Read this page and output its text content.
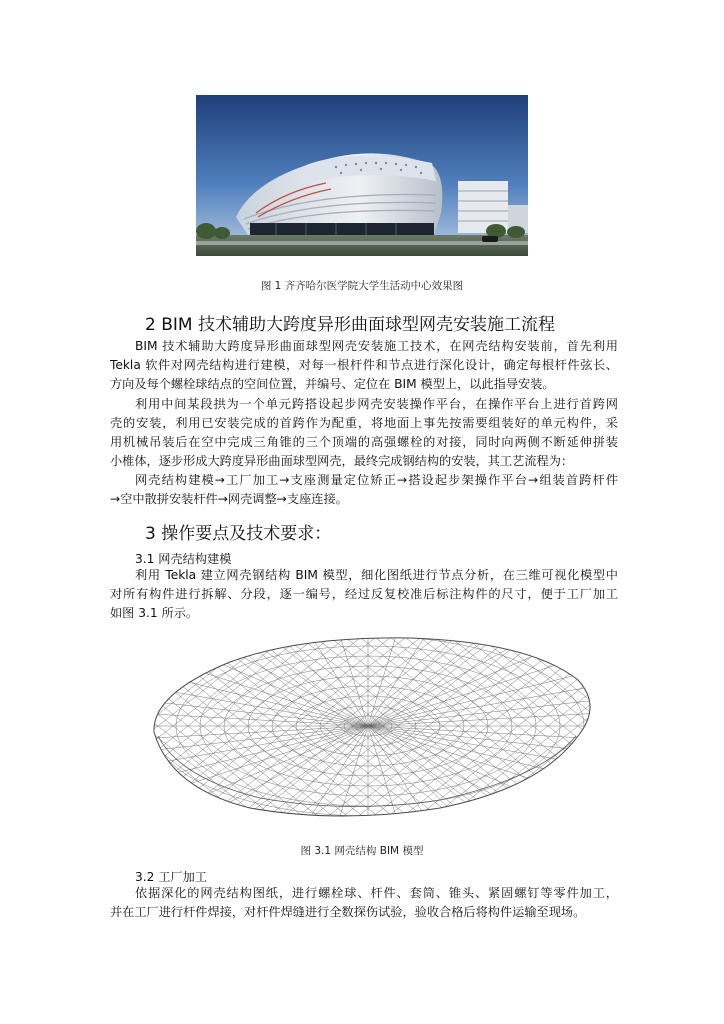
图 1 齐齐哈尔医学院大学生活动中心效果图
2 BIM 技术辅助大跨度异形曲面球型网壳安装施工流程
BIM 技术辅助大跨度异形曲面球型网壳安装施工技术，在网壳结构安装前，首先利用
Tekla 软件对网壳结构进行建模，对每一根杆件和节点进行深化设计，确定每根杆件弦长、
方向及每个螺栓球结点的空间位置，并编号、定位在 BIM 模型上，以此指导安装。
利用中间某段拱为一个单元跨搭设起步网壳安装操作平台，在操作平台上进行首跨网
壳的安装，利用已安装完成的首跨作为配重，将地面上事先按需要组装好的单元构件，采
用机械吊装后在空中完成三角锥的三个顶端的高强螺栓的对接，同时向两侧不断延伸拼装
小椎体，逐步形成大跨度异形曲面球型网壳，最终完成钢结构的安装，其工艺流程为：
网壳结构建模→工厂加工→支座测量定位矫正→搭设起步架操作平台→组装首跨杆件
→空中散拼安装杆件→网壳调整→支座连接。
3 操作要点及技术要求：
3.1 网壳结构建模
利用 Tekla 建立网壳钢结构 BIM 模型，细化图纸进行节点分析，在三维可视化模型中
对所有构件进行拆解、分段，逐一编号，经过反复校准后标注构件的尺寸，便于工厂加工
如图 3.1 所示。
图 3.1 网壳结构 BIM 模型
3.2 工厂加工
依据深化的网壳结构图纸，进行螺栓球、杆件、套筒、锥头、紧固螺钉等零件加工，
并在工厂进行杆件焊接，对杆件焊缝进行全数探伤试验，验收合格后将构件运输至现场。
